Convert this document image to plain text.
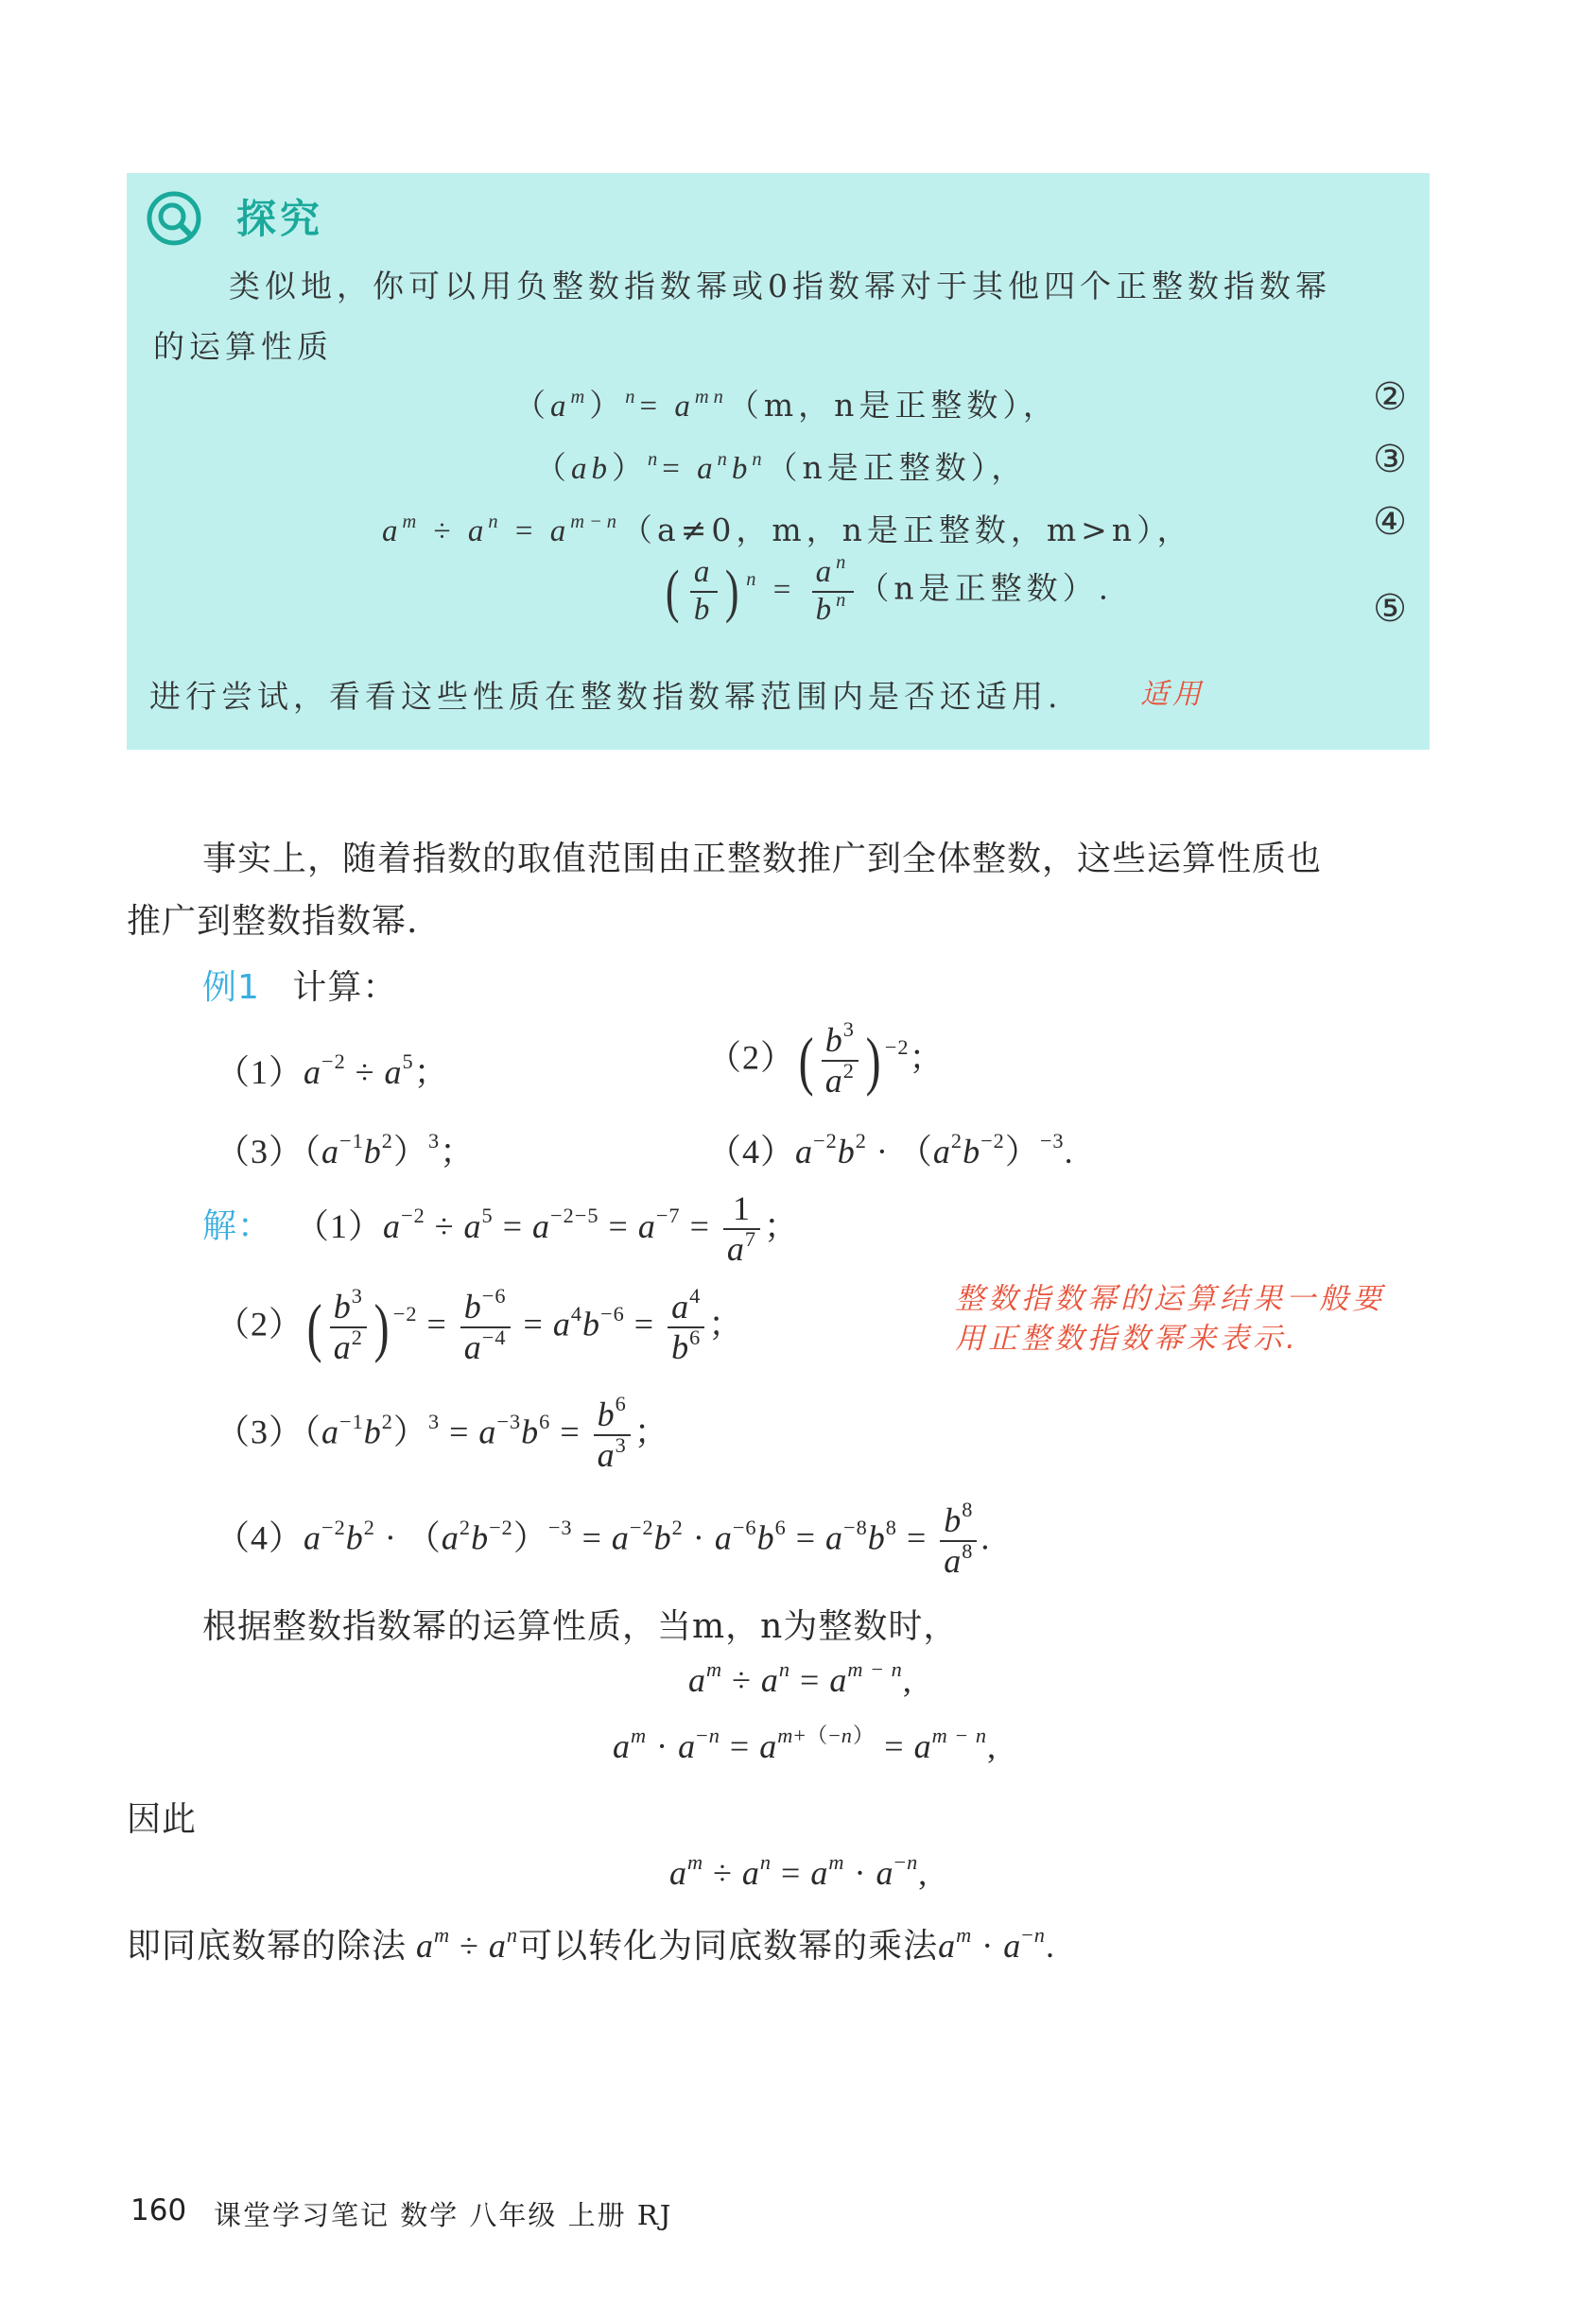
探究
类似地，你可以用负整数指数幂或0指数幂对于其他四个正整数指数幂
的运算性质
$(a^m)^n= a^{mn}(m$，n是正整数），	②
$(ab)^n= a^nb^n(n$是正整数），	③
$a^m \div a^n = a^{m-n}(a\ne 0$，m，n是正整数，m>n），	④
( $\frac{a}{b}$ ) $^n = \frac{a^n}{b^n} (n$是正整数）.	⑤
进行尝试，看看这些性质在整数指数幂范围内是否还适用.	适用
事实上，随着指数的取值范围由正整数推广到全体整数，这些运算性质也
推广到整数指数幂.
例1 计算：
$(1)a^{-2} \div a^5$；	$(2)( \frac{b^3}{a^2}$ ) $^{-2}$；
$(3)(a^{-1}b^2)^3$；	$(4)a^{-2}b^2 \cdot (a^2b^{-2})^{-3}$.
解： $(1)a^{-2} \div a^5 = a^{-2-5} = a^{-7} = \frac{1}{a^7}$ ；
$(2)( \frac{b^3}{a^2}$ ) $^{-2} = \frac{b^{-6}}{a^{-4}} = a^4b^{-6} = \frac{a^4}{b^6}$ ；
整数指数幂的运算结果一般要
用正整数指数幂来表示.
$(3)(a^{-1}b^2)^3 = a^{-3}b^6 = \frac{b^6}{a^3}$ ；
$(4)a^{-2}b^2 \cdot (a^2b^{-2})^{-3} = a^{-2}b^2 \cdot a^{-6}b^6 = a^{-8}b^8 = \frac{b^8}{a^8}$ .
根据整数指数幂的运算性质，当m，n为整数时，
$a^m \div a^n = a^{m - n}$,
$a^m \cdot a^{-n} = a^{m+(-n)} = a^{m - n}$,
因此
$a^m \div a^n = a^m \cdot a^{-n}$,
即同底数幂的除法 $a^m \div a^n$可以转化为同底数幂的乘法$a^m \cdot a^{-n}$.
160 课堂学习笔记 数学 八年级 上册 RJ
